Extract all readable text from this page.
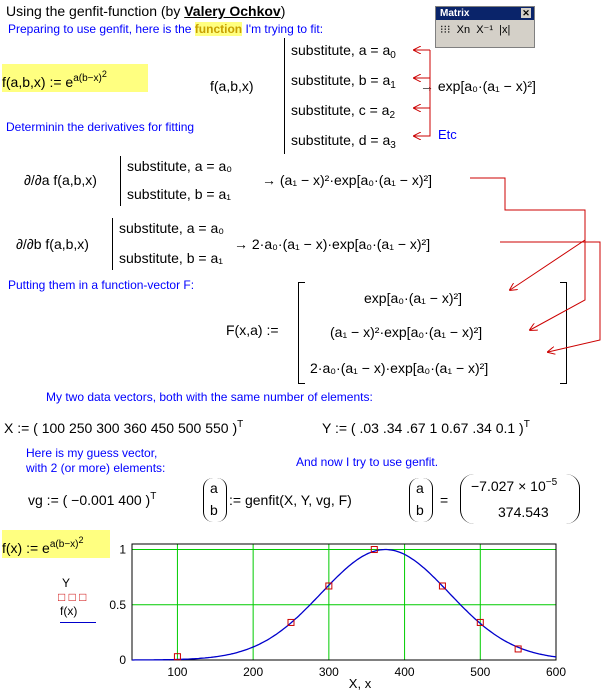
Using the genfit-function (by Valery Ochkov)
Preparing to use genfit, here is the function I'm trying to fit:
Matrix	✕
⁝⁝⁝ Xn X⁻¹ |x|
f(a,b,x) := $e^{a(b-x)2}$
f(a,b,x)
substitute, $a = a_0$
substitute, $b = a_1$
substitute, $c = a_2$
substitute, $d = a_3$
→ exp[a₀·(a₁ − x)²]
Etc
Determinin the derivatives for fitting
∂/∂a f(a,b,x)
substitute, a = a₀
substitute, b = a₁
→ (a₁ − x)²·exp[a₀·(a₁ − x)²]
∂/∂b f(a,b,x)
substitute, a = a₀
substitute, b = a₁
→ 2·a₀·(a₁ − x)·exp[a₀·(a₁ − x)²]
Putting them in a function-vector F:
F(x,a) :=
exp[a₀·(a₁ − x)²]
(a₁ − x)²·exp[a₀·(a₁ − x)²]
2·a₀·(a₁ − x)·exp[a₀·(a₁ − x)²]
My two data vectors, both with the same number of elements:
X := ( 100 250 300 360 450 500 550 )$^T$	Y := ( .03 .34 .67 1 0.67 .34 0.1 )$^T$
Here is my guess vector,
with 2 (or more) elements:	And now I try to use genfit.
vg := ( −0.001 400 )$^T$
a
b
:= genfit(X, Y, vg, F)
a
b
=
$-7.027 \times 10^{-5}$
374.543
f(x) := $e^{a(b-x)2}$
Y
□ □ □
f(x)
X, x
100	200	300	400	500	600
0
0.5
1
